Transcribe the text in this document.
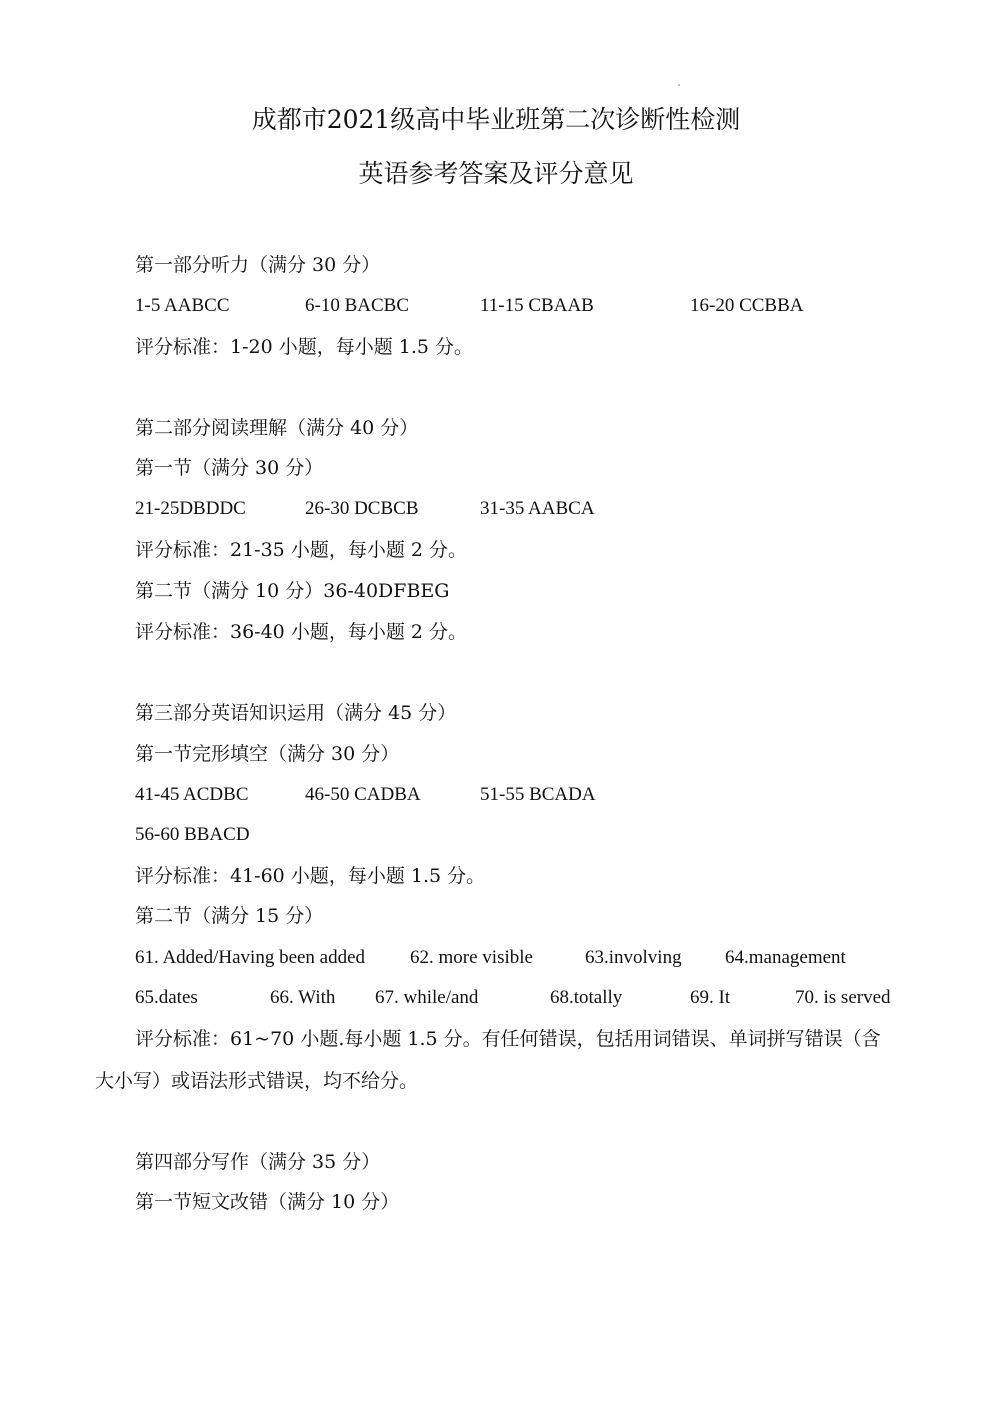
成都市2021级高中毕业班第二次诊断性检测
英语参考答案及评分意见
第一部分听力（满分 30 分）
1-5 AABCC	6-10 BACBC	11-15 CBAAB	16-20 CCBBA
评分标准：1-20 小题，每小题 1.5 分。
第二部分阅读理解（满分 40 分）
第一节（满分 30 分）
21-25DBDDC	26-30 DCBCB	31-35 AABCA
评分标准：21-35 小题，每小题 2 分。
第二节（满分 10 分）36-40DFBEG
评分标准：36-40 小题，每小题 2 分。
第三部分英语知识运用（满分 45 分）
第一节完形填空（满分 30 分）
41-45 ACDBC	46-50 CADBA	51-55 BCADA
56-60 BBACD
评分标准：41-60 小题，每小题 1.5 分。
第二节（满分 15 分）
61. Added/Having been added 62. more visible	63.involving 64.management
65.dates	66. With 67. while/and	68.totally	69. It	70. is served
评分标准：61~70 小题.每小题 1.5 分。有任何错误，包括用词错误、单词拼写错误（含
大小写）或语法形式错误，均不给分。
第四部分写作（满分 35 分）
第一节短文改错（满分 10 分）
